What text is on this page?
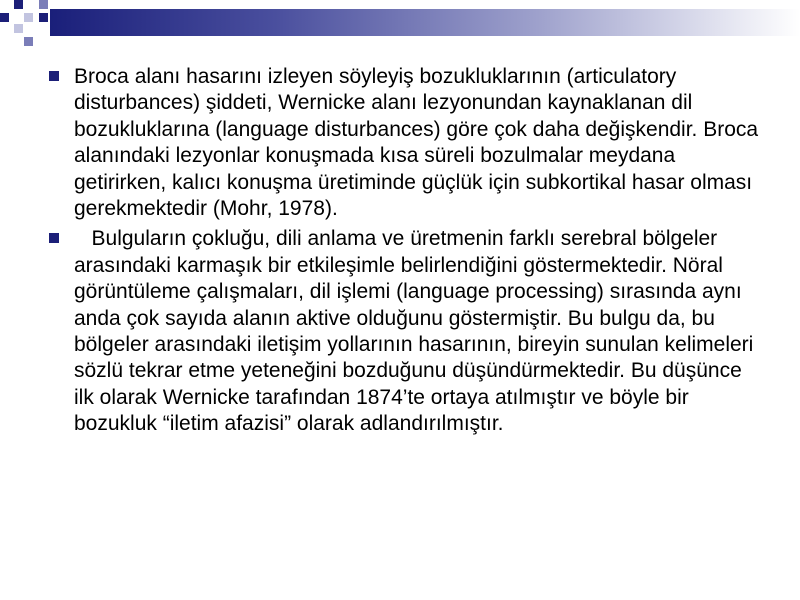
Broca alanı hasarını izleyen söyleyiş bozukluklarının (articulatory disturbances) şiddeti, Wernicke alanı lezyonundan kaynaklanan dil bozukluklarına (language disturbances) göre çok daha değişkendir. Broca alanındaki lezyonlar konuşmada kısa süreli bozulmalar meydana getirirken, kalıcı konuşma üretiminde güçlük için subkortikal hasar olması gerekmektedir (Mohr, 1978).
Bulguların çokluğu, dili anlama ve üretmenin farklı serebral bölgeler arasındaki karmaşık bir etkileşimle belirlendiğini göstermektedir. Nöral görüntüleme çalışmaları, dil işlemi (language processing) sırasında aynı anda çok sayıda alanın aktive olduğunu göstermiştir. Bu bulgu da, bu bölgeler arasındaki iletişim yollarının hasarının, bireyin sunulan kelimeleri sözlü tekrar etme yeteneğini bozduğunu düşündürmektedir. Bu düşünce ilk olarak Wernicke tarafından 1874’te ortaya atılmıştır ve böyle bir bozukluk “iletim afazisi” olarak adlandırılmıştır.
